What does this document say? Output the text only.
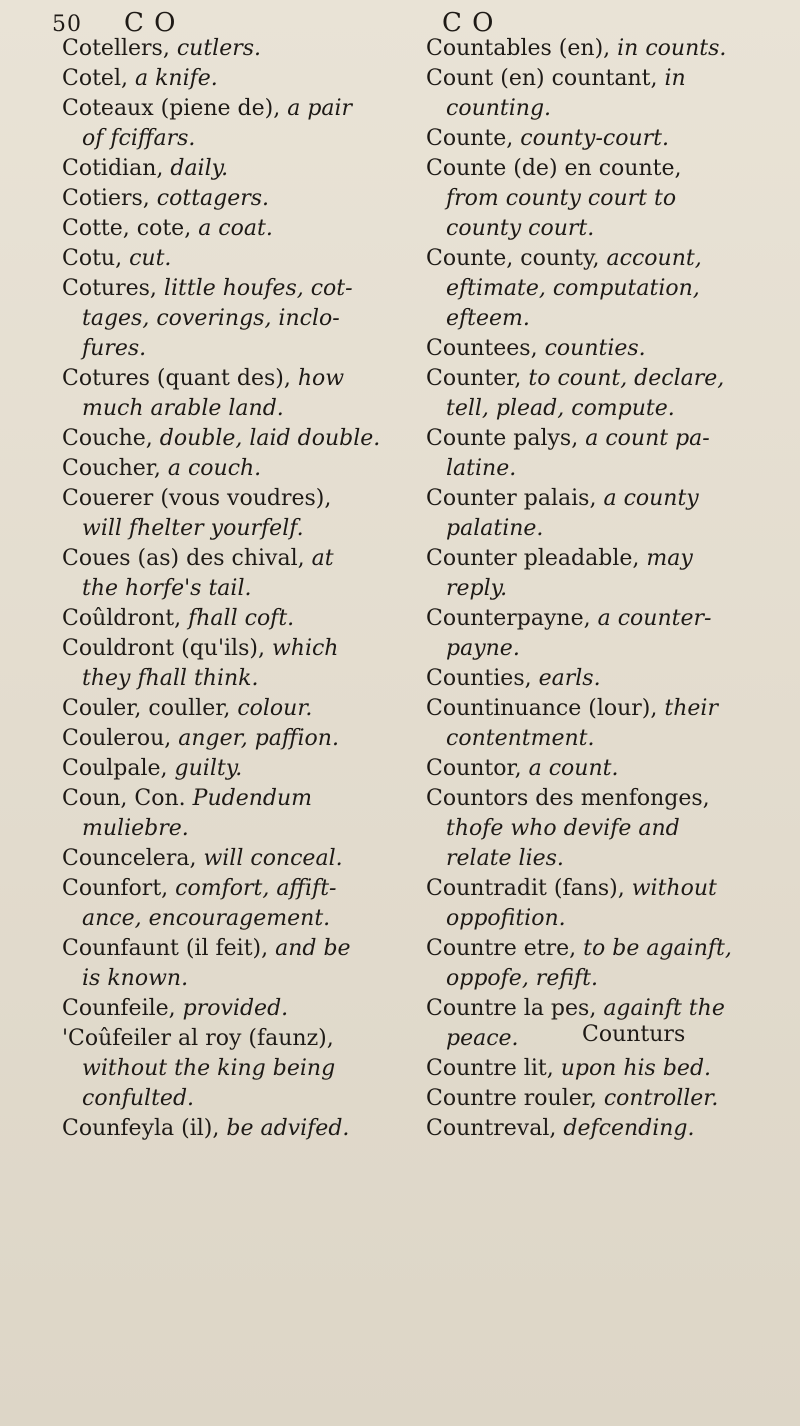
50 C O	C O
Cotellers, cutlers.
Cotel, a knife.
Coteaux (piene de), a pair
of fciffars.
Cotidian, daily.
Cotiers, cottagers.
Cotte, cote, a coat.
Cotu, cut.
Cotures, little houfes, cot-
tages, coverings, inclo-
fures.
Cotures (quant des), how
much arable land.
Couche, double, laid double.
Coucher, a couch.
Couerer (vous voudres),
will fhelter yourfelf.
Coues (as) des chival, at
the horfe's tail.
Coûldront, fhall coft.
Couldront (qu'ils), which
they fhall think.
Couler, couller, colour.
Coulerou, anger, paffion.
Coulpale, guilty.
Coun, Con. Pudendum
muliebre.
Councelera, will conceal.
Counfort, comfort, affift-
ance, encouragement.
Counfaunt (il feit), and be
is known.
Counfeile, provided.
'Coûfeiler al roy (faunz),
without the king being
confulted.
Counfeyla (il), be advifed.
Countables (en), in counts.
Count (en) countant, in
counting.
Counte, county-court.
Counte (de) en counte,
from county court to
county court.
Counte, county, account,
eftimate, computation,
efteem.
Countees, counties.
Counter, to count, declare,
tell, plead, compute.
Counte palys, a count pa-
latine.
Counter palais, a county
palatine.
Counter pleadable, may
reply.
Counterpayne, a counter-
payne.
Counties, earls.
Countinuance (lour), their
contentment.
Countor, a count.
Countors des menfonges,
thofe who devife and
relate lies.
Countradit (fans), without
oppofition.
Countre etre, to be againft,
oppofe, refift.
Countre la pes, againft the
peace.
Countre lit, upon his bed.
Countre rouler, controller.
Countreval, defcending.
Counturs
